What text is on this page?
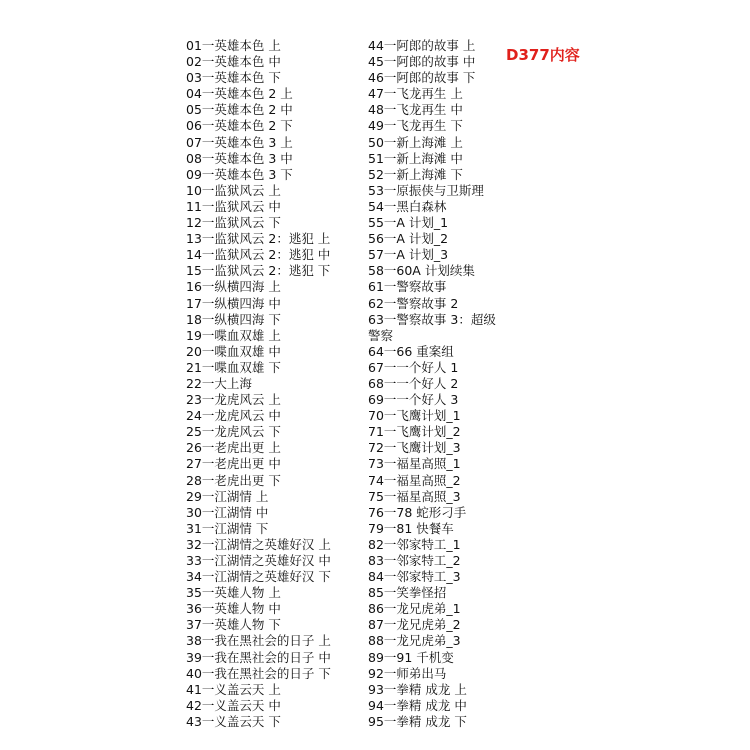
01一英雄本色 上
02一英雄本色 中
03一英雄本色 下
04一英雄本色 2 上
05一英雄本色 2 中
06一英雄本色 2 下
07一英雄本色 3 上
08一英雄本色 3 中
09一英雄本色 3 下
10一监狱风云 上
11一监狱风云 中
12一监狱风云 下
13一监狱风云 2：逃犯 上
14一监狱风云 2：逃犯 中
15一监狱风云 2：逃犯 下
16一纵横四海 上
17一纵横四海 中
18一纵横四海 下
19一喋血双雄 上
20一喋血双雄 中
21一喋血双雄 下
22一大上海
23一龙虎风云 上
24一龙虎风云 中
25一龙虎风云 下
26一老虎出更 上
27一老虎出更 中
28一老虎出更 下
29一江湖情 上
30一江湖情 中
31一江湖情 下
32一江湖情之英雄好汉 上
33一江湖情之英雄好汉 中
34一江湖情之英雄好汉 下
35一英雄人物 上
36一英雄人物 中
37一英雄人物 下
38一我在黑社会的日子 上
39一我在黑社会的日子 中
40一我在黑社会的日子 下
41一义盖云天 上
42一义盖云天 中
43一义盖云天 下
44一阿郎的故事 上
45一阿郎的故事 中
46一阿郎的故事 下
47一飞龙再生 上
48一飞龙再生 中
49一飞龙再生 下
50一新上海滩 上
51一新上海滩 中
52一新上海滩 下
53一原振侠与卫斯理
54一黑白森林
55一A 计划_1
56一A 计划_2
57一A 计划_3
58一60A 计划续集
61一警察故事
62一警察故事 2
63一警察故事 3：超级
警察
64一66 重案组
67一一个好人 1
68一一个好人 2
69一一个好人 3
70一飞鹰计划_1
71一飞鹰计划_2
72一飞鹰计划_3
73一福星高照_1
74一福星高照_2
75一福星高照_3
76一78 蛇形刁手
79一81 快餐车
82一邻家特工_1
83一邻家特工_2
84一邻家特工_3
85一笑拳怪招
86一龙兄虎弟_1
87一龙兄虎弟_2
88一龙兄虎弟_3
89一91 千机变
92一师弟出马
93一拳精 成龙 上
94一拳精 成龙 中
95一拳精 成龙 下
D377内容
